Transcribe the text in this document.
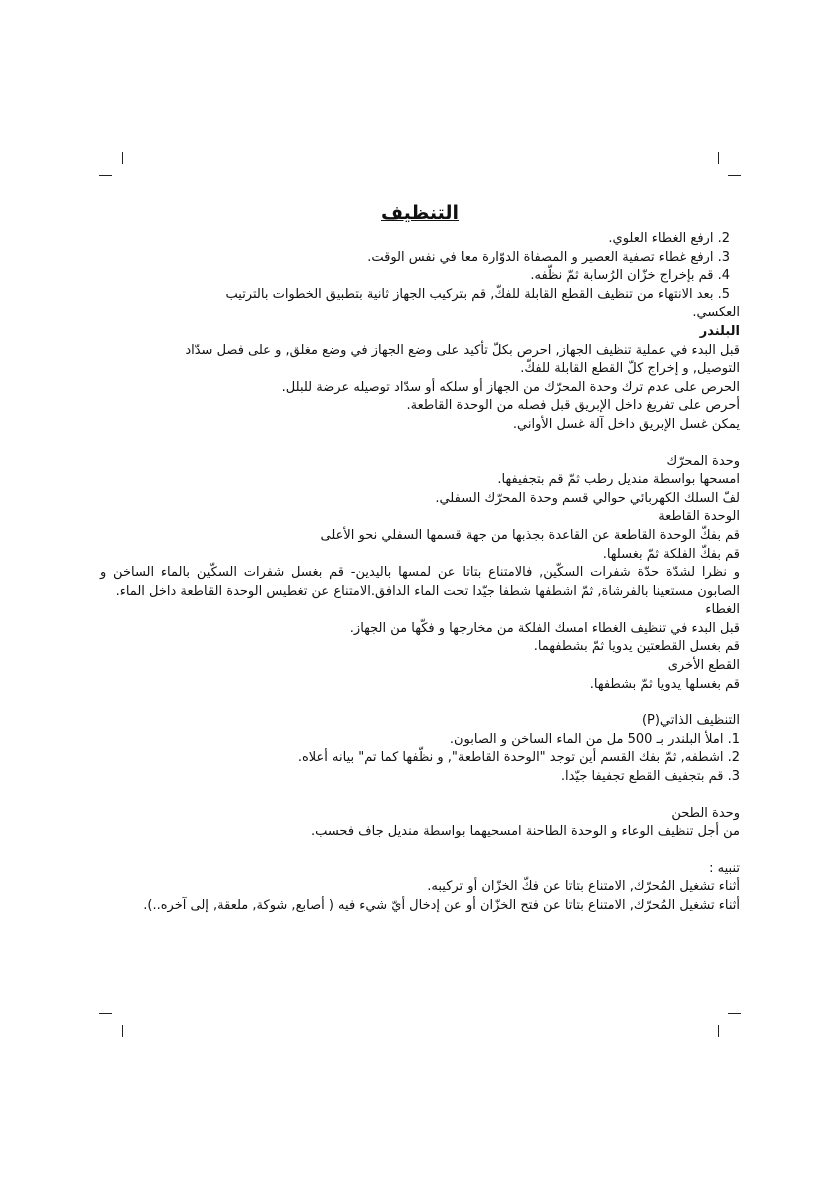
التنظيف

2. ارفع الغطاء العلوي.

3. ارفع غطاء تصفية العصير و المصفاة الدوّارة معا في نفس الوقت.

4. قم بإخراج خزّان الرُسابة ثمّ نظّفه.

5. بعد الانتهاء من تنظيف القطع القابلة للفكّ, قم بتركيب الجهاز ثانية بتطبيق الخطوات بالترتيب

العكسي.

البلندر

قبل البدء في عملية تنظيف الجهاز, احرص بكلّ تأكيد على وضع الجهاز في وضع مغلق, و على فصل سدّاد

التوصيل, و إخراج كلّ القطع القابلة للفكّ.

الحرص على عدم ترك وحدة المحرّك من الجهاز أو سلكه أو سدّاد توصيله عرضة للبلل.

أحرص على تفريغ داخل الإبريق قبل فصله من الوحدة القاطعة.

يمكن غسل الإبريق داخل آلة غسل الأواني.

وحدة المحرّك

امسحها بواسطة منديل رطب ثمّ قم بتجفيفها.

لفّ السلك الكهربائي حوالي قسم وحدة المحرّك السفلي.

الوحدة القاطعة

قم بفكّ الوحدة القاطعة عن القاعدة بجذبها من جهة قسمها السفلي نحو الأعلى

قم بفكّ الفلكة ثمّ بغسلها.

و نظرا لشدّة حدّة شفرات السكّين, فالامتناع بتاتا عن لمسها باليدين- قم بغسل شفرات السكّين بالماء الساخن و الصابون مستعينا بالفرشاة, ثمّ اشطفها شطفا جيّدا تحت الماء الدافق.الامتناع عن تغطيس الوحدة القاطعة داخل الماء.

الغطاء

قبل البدء في تنظيف الغطاء امسك الفلكة من مخارجها و فكّها من الجهاز.

قم بغسل القطعتين يدويا ثمّ بشطفهما.

القطع الأخرى

قم بغسلها يدويا ثمّ بشطفها.

التنظيف الذاتي(P)

1. املأ البلندر بـ 500 مل من الماء الساخن و الصابون.

2. اشطفه, ثمّ بفك القسم أين توجد "الوحدة القاطعة", و نظّفها كما تم" بيانه أعلاه.

3. قم بتجفيف القطع تجفيفا جيّدا.

وحدة الطحن

من أجل تنظيف الوعاء و الوحدة الطاحنة امسحيهما بواسطة منديل جاف فحسب.

تنبيه :

أثناء تشغيل المُحرّك, الامتناع بتاتا عن فكّ الخزّان أو تركيبه.

أثناء تشغيل المُحرّك, الامتناع بتاتا عن فتح الخزّان أو عن إدخال أيّ شيء فيه ( أصابع, شوكة, ملعقة, إلى آخره..).
